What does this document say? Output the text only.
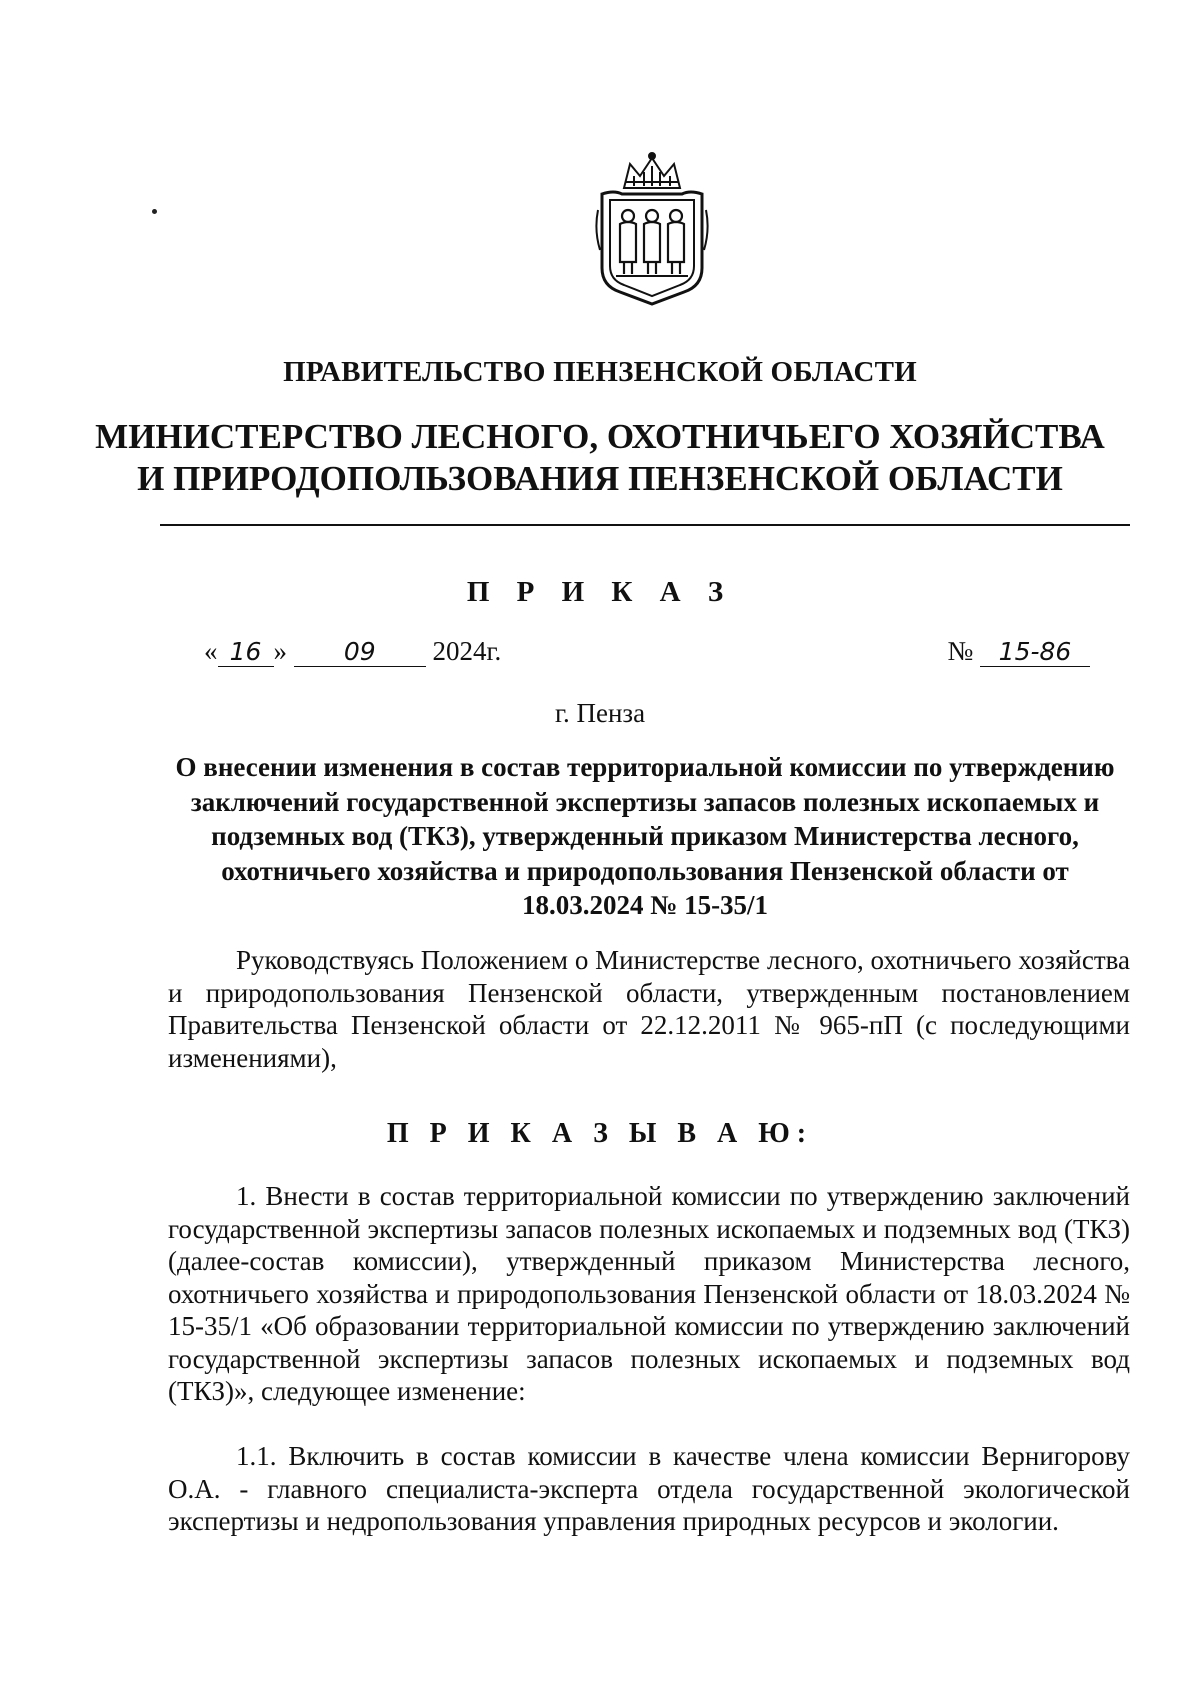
ПРАВИТЕЛЬСТВО ПЕНЗЕНСКОЙ ОБЛАСТИ
МИНИСТЕРСТВО ЛЕСНОГО, ОХОТНИЧЬЕГО ХОЗЯЙСТВА
И ПРИРОДОПОЛЬЗОВАНИЯ ПЕНЗЕНСКОЙ ОБЛАСТИ
П Р И К А З
« 16 » 09 2024г.	№ 15-86
г. Пенза
О внесении изменения в состав территориальной комиссии по утверждению заключений государственной экспертизы запасов полезных ископаемых и подземных вод (ТКЗ), утвержденный приказом Министерства лесного, охотничьего хозяйства и природопользования Пензенской области от 18.03.2024 № 15-35/1
Руководствуясь Положением о Министерстве лесного, охотничьего хозяйства и природопользования Пензенской области, утвержденным постановлением Правительства Пензенской области от 22.12.2011 № 965-пП (с последующими изменениями),
П Р И К А З Ы В А Ю:
1. Внести в состав территориальной комиссии по утверждению заключений государственной экспертизы запасов полезных ископаемых и подземных вод (ТКЗ) (далее-состав комиссии), утвержденный приказом Министерства лесного, охотничьего хозяйства и природопользования Пензенской области от 18.03.2024 № 15-35/1 «Об образовании территориальной комиссии по утверждению заключений государственной экспертизы запасов полезных ископаемых и подземных вод (ТКЗ)», следующее изменение:
1.1. Включить в состав комиссии в качестве члена комиссии Вернигорову О.А. - главного специалиста-эксперта отдела государственной экологической экспертизы и недропользования управления природных ресурсов и экологии.
